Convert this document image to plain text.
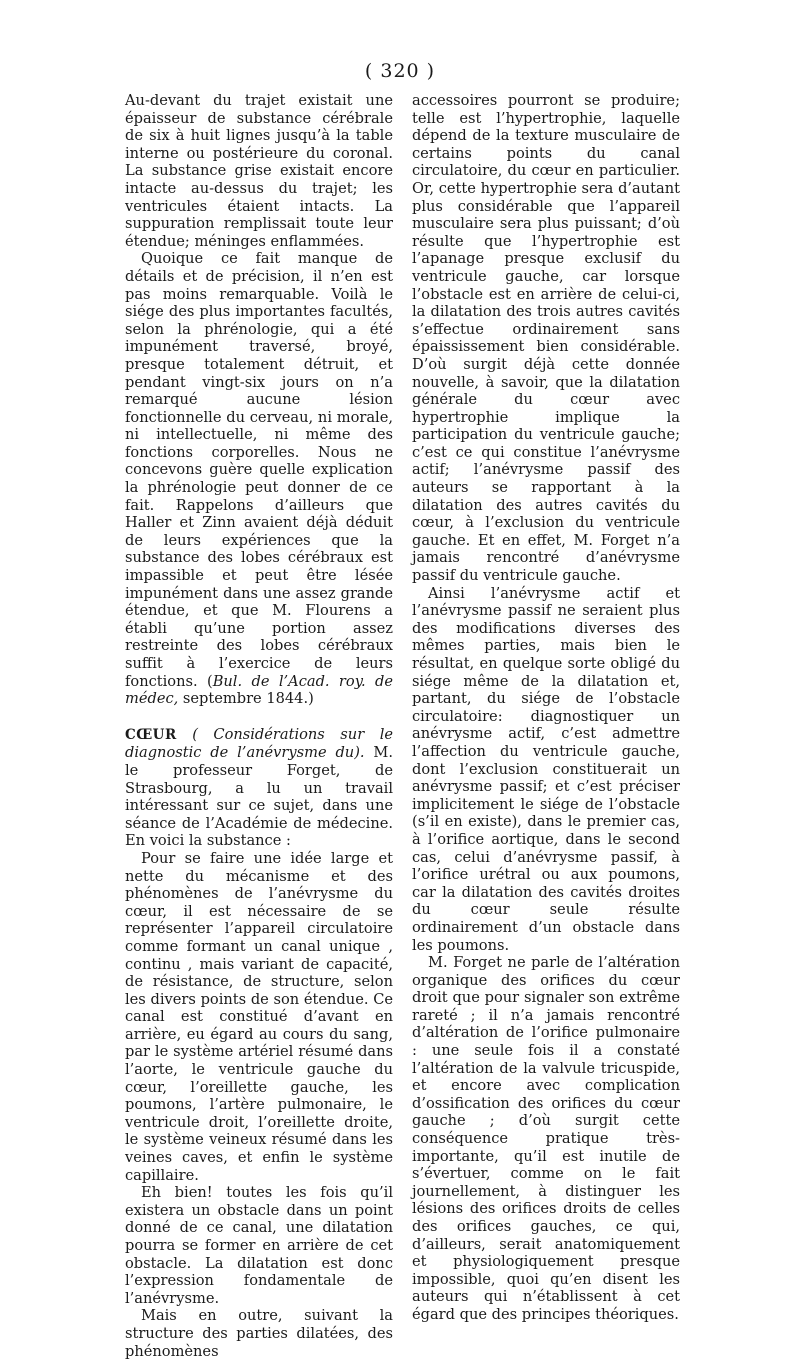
( 320 )

Au-devant du trajet existait une épaisseur de substance cérébrale de six à huit lignes jusqu’à la table interne ou postérieure du coronal. La substance grise existait encore intacte au-dessus du trajet; les ventricules étaient intacts. La suppuration remplissait toute leur étendue; méninges enflammées.

Quoique ce fait manque de détails et de précision, il n’en est pas moins remarquable. Voilà le siége des plus importantes facultés, selon la phrénologie, qui a été impunément traversé, broyé, presque totalement détruit, et pendant vingt-six jours on n’a remarqué aucune lésion fonctionnelle du cerveau, ni morale, ni intellectuelle, ni même des fonctions corporelles. Nous ne concevons guère quelle explication la phrénologie peut donner de ce fait. Rappelons d’ailleurs que Haller et Zinn avaient déjà déduit de leurs expériences que la substance des lobes cérébraux est impassible et peut être lésée impunément dans une assez grande étendue, et que M. Flourens a établi qu’une portion assez restreinte des lobes cérébraux suffit à l’exercice de leurs fonctions. (Bul. de l’Acad. roy. de médec, septembre 1844.)

CŒUR ( Considérations sur le diagnostic de l’anévrysme du). M. le professeur Forget, de Strasbourg, a lu un travail intéressant sur ce sujet, dans une séance de l’Académie de médecine. En voici la substance :

Pour se faire une idée large et nette du mécanisme et des phénomènes de l’anévrysme du cœur, il est nécessaire de se représenter l’appareil circulatoire comme formant un canal unique , continu , mais variant de capacité, de résistance, de structure, selon les divers points de son étendue. Ce canal est constitué d’avant en arrière, eu égard au cours du sang, par le système artériel résumé dans l’aorte, le ventricule gauche du cœur, l’oreillette gauche, les poumons, l’artère pulmonaire, le ventricule droit, l’oreillette droite, le système veineux résumé dans les veines caves, et enfin le système capillaire.

Eh bien! toutes les fois qu’il existera un obstacle dans un point donné de ce canal, une dilatation pourra se former en arrière de cet obstacle. La dilatation est donc l’expression fondamentale de l’anévrysme.

Mais en outre, suivant la structure des parties dilatées, des phénomènes

accessoires pourront se produire; telle est l’hypertrophie, laquelle dépend de la texture musculaire de certains points du canal circulatoire, du cœur en particulier. Or, cette hypertrophie sera d’autant plus considérable que l’appareil musculaire sera plus puissant; d’où résulte que l’hypertrophie est l’apanage presque exclusif du ventricule gauche, car lorsque l’obstacle est en arrière de celui-ci, la dilatation des trois autres cavités s’effectue ordinairement sans épaississement bien considérable. D’où surgit déjà cette donnée nouvelle, à savoir, que la dilatation générale du cœur avec hypertrophie implique la participation du ventricule gauche; c’est ce qui constitue l’anévrysme actif; l’anévrysme passif des auteurs se rapportant à la dilatation des autres cavités du cœur, à l’exclusion du ventricule gauche. Et en effet, M. Forget n’a jamais rencontré d’anévrysme passif du ventricule gauche.

Ainsi l’anévrysme actif et l’anévrysme passif ne seraient plus des modifications diverses des mêmes parties, mais bien le résultat, en quelque sorte obligé du siége même de la dilatation et, partant, du siége de l’obstacle circulatoire: diagnostiquer un anévrysme actif, c’est admettre l’affection du ventricule gauche, dont l’exclusion constituerait un anévrysme passif; et c’est préciser implicitement le siége de l’obstacle (s’il en existe), dans le premier cas, à l’orifice aortique, dans le second cas, celui d’anévrysme passif, à l’orifice urétral ou aux poumons, car la dilatation des cavités droites du cœur seule résulte ordinairement d’un obstacle dans les poumons.

M. Forget ne parle de l’altération organique des orifices du cœur droit que pour signaler son extrême rareté ; il n’a jamais rencontré d’altération de l’orifice pulmonaire : une seule fois il a constaté l’altération de la valvule tricuspide, et encore avec complication d’ossification des orifices du cœur gauche ; d’où surgit cette conséquence pratique très-importante, qu’il est inutile de s’évertuer, comme on le fait journellement, à distinguer les lésions des orifices droits de celles des orifices gauches, ce qui, d’ailleurs, serait anatomiquement et physiologiquement presque impossible, quoi qu’en disent les auteurs qui n’établissent à cet égard que des principes théoriques.
